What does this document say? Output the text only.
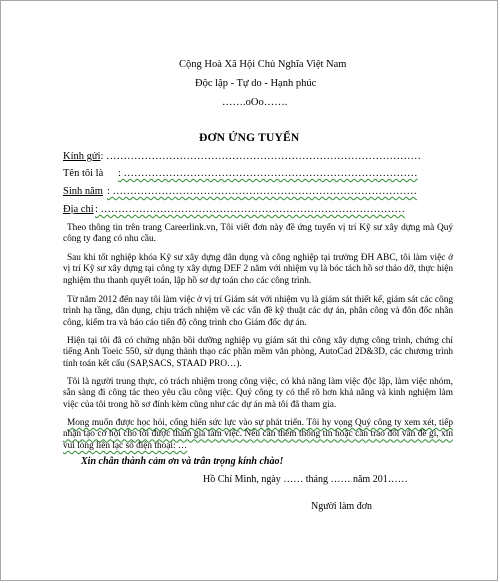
Cộng Hoà Xã Hội Chủ Nghĩa Việt Nam
Độc lập - Tự do - Hạnh phúc
…….oOo…….
ĐƠN ỨNG TUYỂN
Kính gửi: ………………………………………………………………………………
Tên tôi là : …………………………………………………………………………
Sinh năm : ……………………………………………………………………………
Địa chỉ: ……………………………………………………………………………
Theo thông tin trên trang Careerlink.vn, Tôi viết đơn này đề ứng tuyển vị trí Kỹ sư xây dựng mà Quý công ty đang có nhu cầu.
Sau khi tốt nghiệp khóa Kỹ sư xây dựng dân dụng và công nghiệp tại trường ĐH ABC, tôi làm việc ở vị trí Kỹ sư xây dựng tại công ty xây dựng DEF 2 năm với nhiệm vụ là bóc tách hồ sơ thảo dỡ, thực hiện nghiệm thu thanh quyết toán, lập hồ sơ dự toán cho các công trình.
Từ năm 2012 đến nay tôi làm việc ở vị trí Giám sát với nhiệm vụ là giám sát thiết kế, giám sát các công trình hạ tầng, dân dụng, chịu trách nhiệm về các vấn đề kỹ thuật các dự án, phân công và đôn đốc nhân công, kiểm tra và báo cáo tiến độ công trình cho Giám đốc dự án.
Hiện tại tôi đã có chứng nhận bồi dưỡng nghiệp vụ giám sát thi công xây dựng công trình, chứng chỉ tiếng Anh Toeic 550, sử dụng thành thạo các phần mềm văn phòng, AutoCad 2D&3D, các chương trình tính toán kết cấu (SAP,SACS, STAAD PRO…).
Tôi là người trung thực, có trách nhiệm trong công việc, có khả năng làm việc độc lập, làm việc nhóm, sẵn sàng đi công tác theo yêu cầu công việc. Quý công ty có thể rõ hơn khả năng và kinh nghiệm làm việc của tôi trong hồ sơ đính kèm cũng như các dự án mà tôi đã tham gia.
Mong muốn được học hỏi, cống hiến sức lực vào sự phát triển. Tôi hy vọng Quý công ty xem xét, tiếp nhận tạo cơ hội cho tôi được tham gia làm việc. Nếu cần thêm thông tin hoặc cần trao đổi vấn đề gì, xin vui lòng liên lạc số điện thoại: …
Xin chân thành cảm ơn và trân trọng kính chào!
Hồ Chí Minh, ngày …… tháng …… năm 201……
Người làm đơn
